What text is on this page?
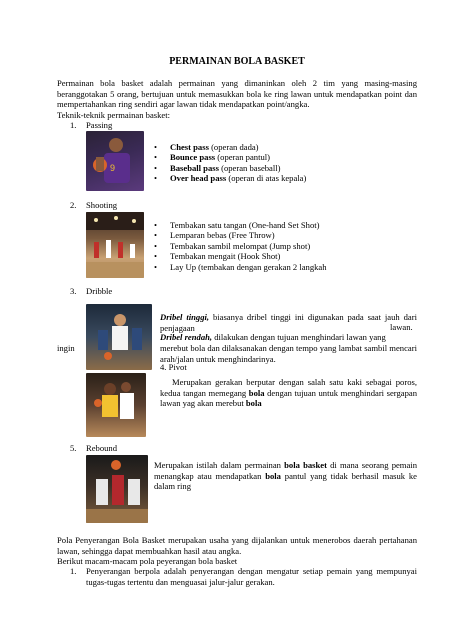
PERMAINAN BOLA BASKET
Permainan bola basket adalah permainan yang dimaninkan oleh 2 tim yang masing-masing beranggotakan 5 orang, bertujuan untuk memasukkan bola ke ring lawan untuk mendapatkan point dan mempertahankan ring sendiri agar lawan tidak mendapatkan point/angka.
Teknik-teknik permainan basket:
1. Passing
9
• Chest pass (operan dada)
• Bounce pass (operan pantul)
• Baseball pass (operan baseball)
• Over head pass (operan di atas kepala)
2. Shooting
• Tembakan satu tangan (One-hand Set Shot)
• Lemparan bebas (Free Throw)
• Tembakan sambil melompat (Jump shot)
• Tembakan mengait (Hook Shot)
• Lay Up (tembakan dengan gerakan 2 langkah
3. Dribble
Dribel tinggi, biasanya dribel tinggi ini digunakan pada saat jauh dari penjagaan	lawan.
Dribel rendah, dilakukan dengan tujuan menghindari lawan yang
ingin	merebut bola dan dilaksanakan dengan tempo yang lambat sambil mencari arah/jalan untuk menghindarinya.
4. Pivot
Merupakan gerakan berputar dengan salah satu kaki sebagai poros, kedua tangan memegang bola dengan tujuan untuk menghindari sergapan lawan yag akan merebut bola
5. Rebound
Merupakan istilah dalam permainan bola basket di mana seorang pemain menangkap atau mendapatkan bola pantul yang tidak berhasil masuk ke dalam ring
Pola Penyerangan Bola Basket merupakan usaha yang dijalankan untuk menerobos daerah pertahanan lawan, sehingga dapat membuahkan hasil atau angka.
Berikut macam-macam pola peyerangan bola basket
1. Penyerangan berpola adalah penyerangan dengan mengatur setiap pemain yang mempunyai tugas-tugas tertentu dan menguasai jalur-jalur gerakan.
